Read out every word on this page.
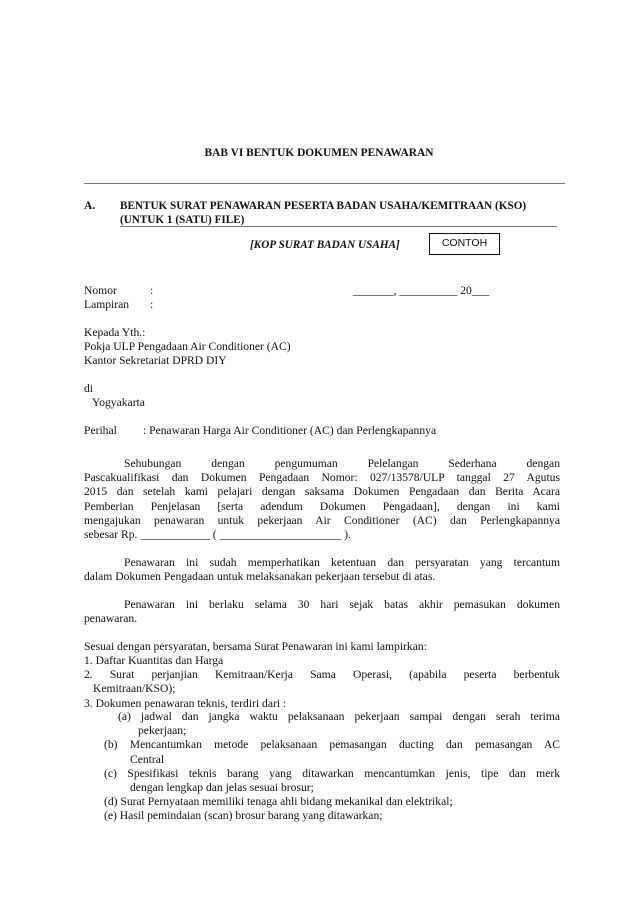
BAB VI BENTUK DOKUMEN PENAWARAN
A. BENTUK SURAT PENAWARAN PESERTA BADAN USAHA/KEMITRAAN (KSO)
(UNTUK 1 (SATU) FILE)
[KOP SURAT BADAN USAHA]	CONTOH
Nomor	:	_______, __________ 20___
Lampiran :
Kepada Yth.:
Pokja ULP Pengadaan Air Conditioner (AC)
Kantor Sekretariat DPRD DIY
di
Yogyakarta
Perihal : Penawaran Harga Air Conditioner (AC) dan Perlengkapannya

Sehubungan dengan pengumuman Pelelangan Sederhana dengan

Pascakualifikasi dan Dokumen Pengadaan Nomor: 027/13578/ULP tanggal 27 Agutus

2015 dan setelah kami pelajari dengan saksama Dokumen Pengadaan dan Berita Acara

Pemberian Penjelasan [serta adendum Dokumen Pengadaan], dengan ini kami

mengajukan penawaran untuk pekerjaan Air Conditioner (AC) dan Perlengkapannya

sebesar Rp. ____________ ( _____________________ ).

Penawaran ini sudah memperhatikan ketentuan dan persyaratan yang tercantum

dalam Dokumen Pengadaan untuk melaksanakan pekerjaan tersebut di atas.

Penawaran ini berlaku selama 30 hari sejak batas akhir pemasukan dokumen

penawaran.

Sesuai dengan persyaratan, bersama Surat Penawaran ini kami lampirkan:

1. Daftar Kuantitas dan Harga

2. Surat perjanjian Kemitraan/Kerja Sama Operasi, (apabila peserta berbentuk

Kemitraan/KSO);

3. Dokumen penawaran teknis, terdiri dari :

(a) jadwal dan jangka waktu pelaksanaan pekerjaan sampai dengan serah terima

pekerjaan;

(b) Mencantumkan metode pelaksanaan pemasangan ducting dan pemasangan AC

Central

(c) Spesifikasi teknis barang yang ditawarkan mencantumkan jenis, tipe dan merk

dengan lengkap dan jelas sesuai brosur;

(d) Surat Pernyataan memiliki tenaga ahli bidang mekanikal dan elektrikal;

(e) Hasil pemindaian (scan) brosur barang yang ditawarkan;
